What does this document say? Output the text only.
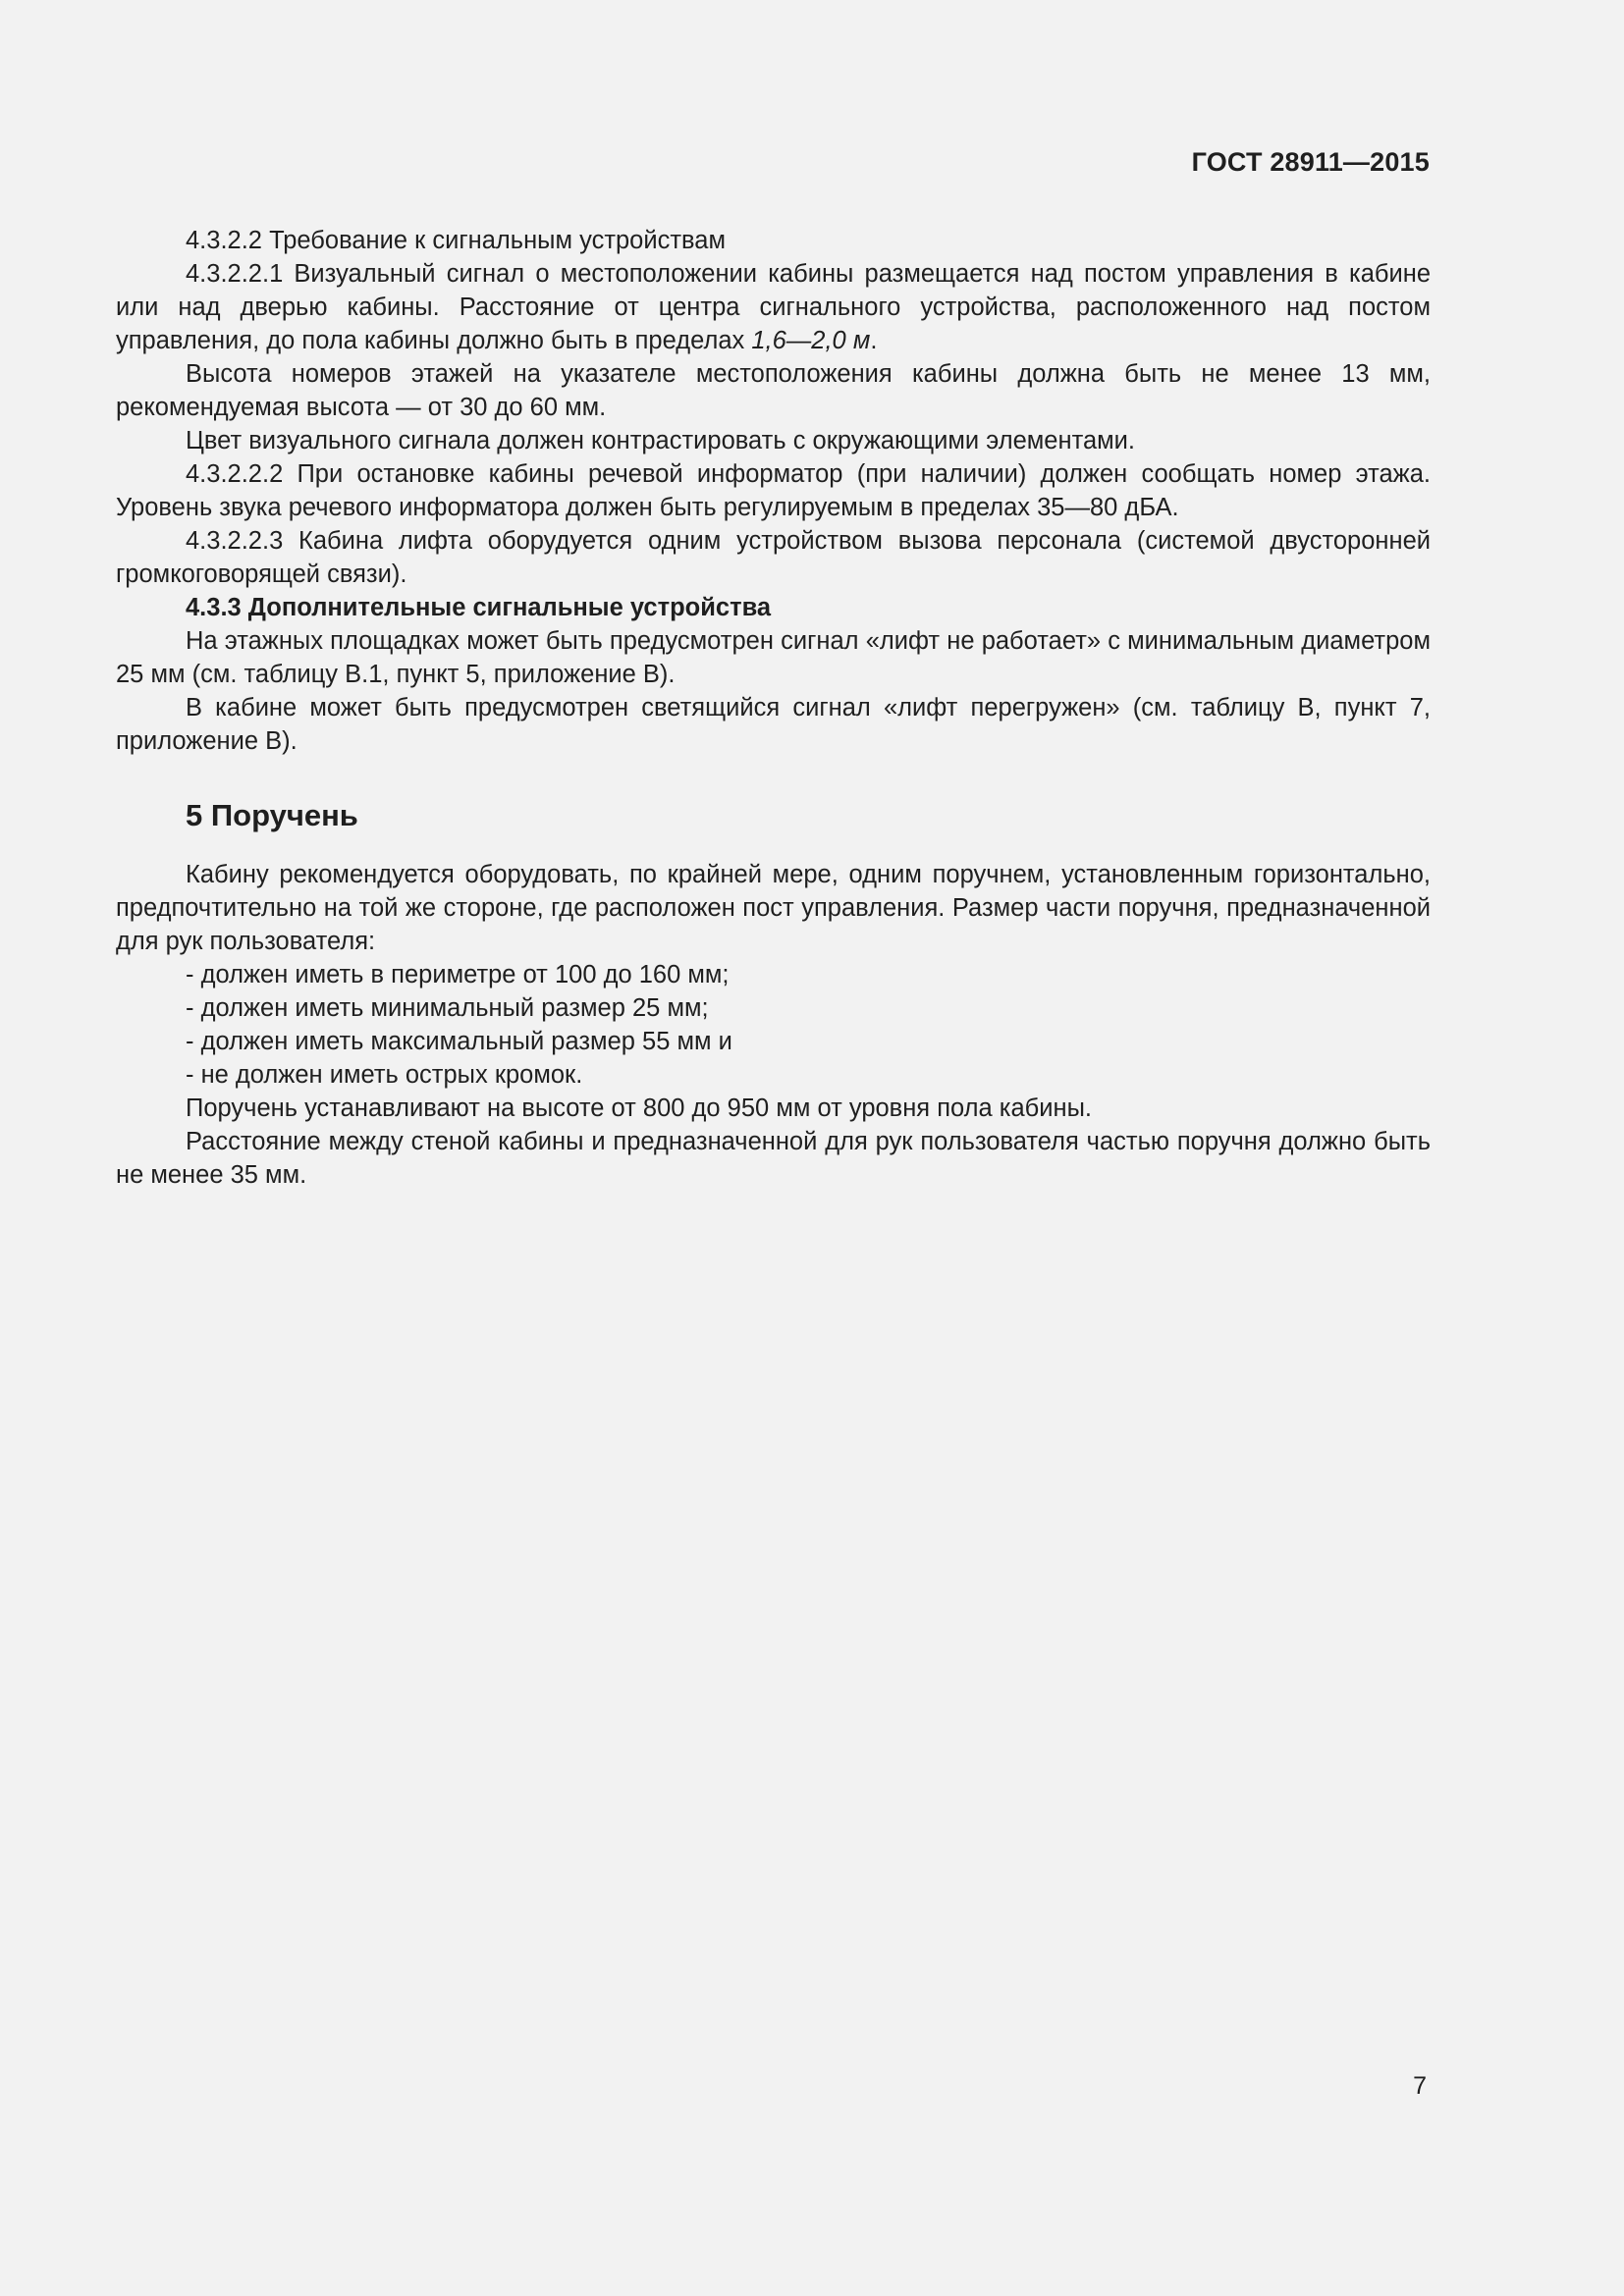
ГОСТ 28911—2015

4.3.2.2 Требование к сигнальным устройствам

4.3.2.2.1 Визуальный сигнал о местоположении кабины размещается над постом управления в кабине или над дверью кабины. Расстояние от центра сигнального устройства, расположенного над постом управления, до пола кабины должно быть в пределах 1,6—2,0 м.

Высота номеров этажей на указателе местоположения кабины должна быть не менее 13 мм, рекомендуемая высота — от 30 до 60 мм.

Цвет визуального сигнала должен контрастировать с окружающими элементами.

4.3.2.2.2 При остановке кабины речевой информатор (при наличии) должен сообщать номер этажа. Уровень звука речевого информатора должен быть регулируемым в пределах 35—80 дБА.

4.3.2.2.3 Кабина лифта оборудуется одним устройством вызова персонала (системой двусторонней громкоговорящей связи).

4.3.3 Дополнительные сигнальные устройства

На этажных площадках может быть предусмотрен сигнал «лифт не работает» с минимальным диаметром 25 мм (см. таблицу В.1, пункт 5, приложение В).

В кабине может быть предусмотрен светящийся сигнал «лифт перегружен» (см. таблицу В, пункт 7, приложение В).

5 Поручень

Кабину рекомендуется оборудовать, по крайней мере, одним поручнем, установленным горизонтально, предпочтительно на той же стороне, где расположен пост управления. Размер части поручня, предназначенной для рук пользователя:

- должен иметь в периметре от 100 до 160 мм;

- должен иметь минимальный размер 25 мм;

- должен иметь максимальный размер 55 мм и

- не должен иметь острых кромок.

Поручень устанавливают на высоте от 800 до 950 мм от уровня пола кабины.

Расстояние между стеной кабины и предназначенной для рук пользователя частью поручня должно быть не менее 35 мм.

7
